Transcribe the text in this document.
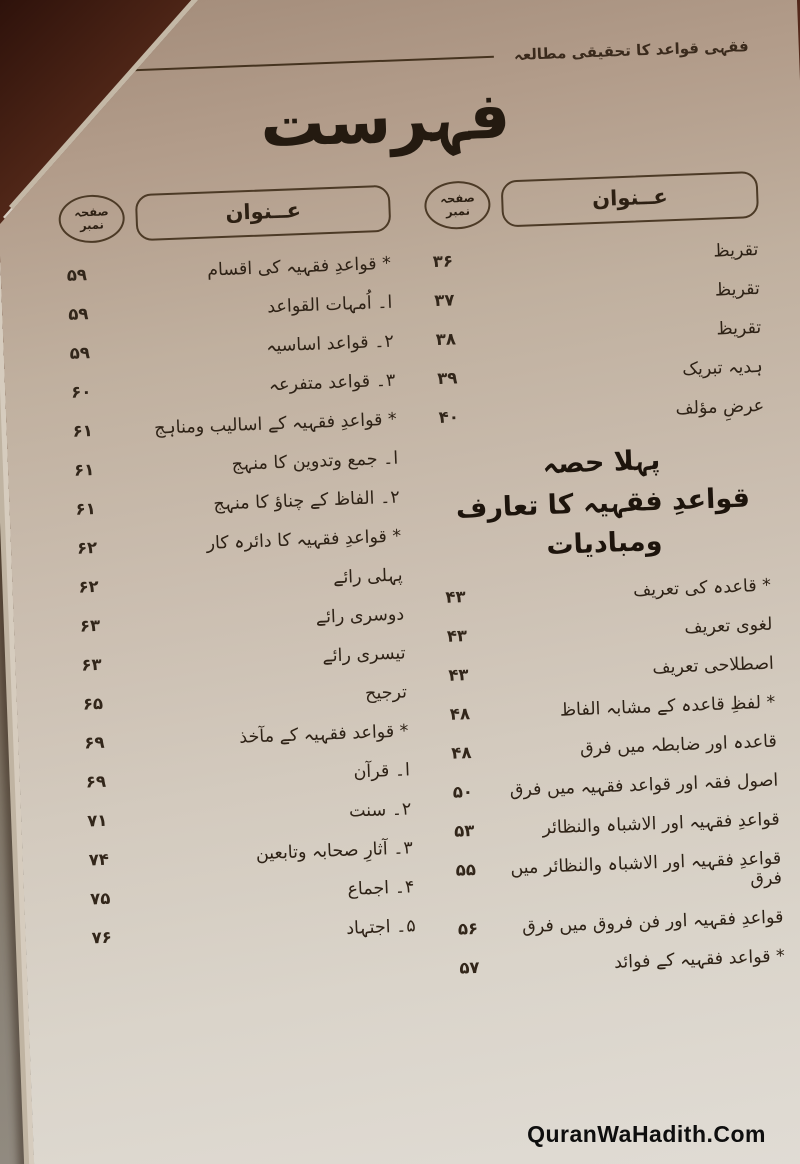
فقہی قواعد کا تحقیقی مطالعہ
فہرست
عــنوان
صفحہ نمبر
تقریظ
۳۶
تقریظ
۳۷
تقریظ
۳۸
ہدیہ تبریک
۳۹
عرضِ مؤلف
۴۰
پہلا حصہ
قواعدِ فقہیہ کا تعارف
ومبادیات
* قاعدہ کی تعریف
۴۳
لغوی تعریف
۴۳
اصطلاحی تعریف
۴۳
* لفظِ قاعدہ کے مشابہ الفاظ
۴۸
قاعدہ اور ضابطہ میں فرق
۴۸
اصول فقہ اور قواعد فقہیہ میں فرق
۵۰
قواعدِ فقہیہ اور الاشباہ والنظائر
۵۳
قواعدِ فقہیہ اور الاشباہ والنظائر میں فرق
۵۵
قواعدِ فقہیہ اور فن فروق میں فرق
۵۶
* قواعد فقہیہ کے فوائد
۵۷
عــنوان
صفحہ نمبر
* قواعدِ فقہیہ کی اقسام
۵۹
ا۔ اُمہات القواعد
۵۹
۲۔ قواعد اساسیہ
۵۹
۳۔ قواعد متفرعہ
۶۰
* قواعدِ فقہیہ کے اسالیب ومناہج
۶۱
ا۔ جمع وتدوین کا منہج
۶۱
۲۔ الفاظ کے چناؤ کا منہج
۶۱
* قواعدِ فقہیہ کا دائرہ کار
۶۲
پہلی رائے
۶۲
دوسری رائے
۶۳
تیسری رائے
۶۳
ترجیح
۶۵
* قواعد فقہیہ کے مآخذ
۶۹
ا۔ قرآن
۶۹
۲۔ سنت
۷۱
۳۔ آثارِ صحابہ وتابعین
۷۴
۴۔ اجماع
۷۵
۵۔ اجتہاد
۷۶
QuranWaHadith.Com
